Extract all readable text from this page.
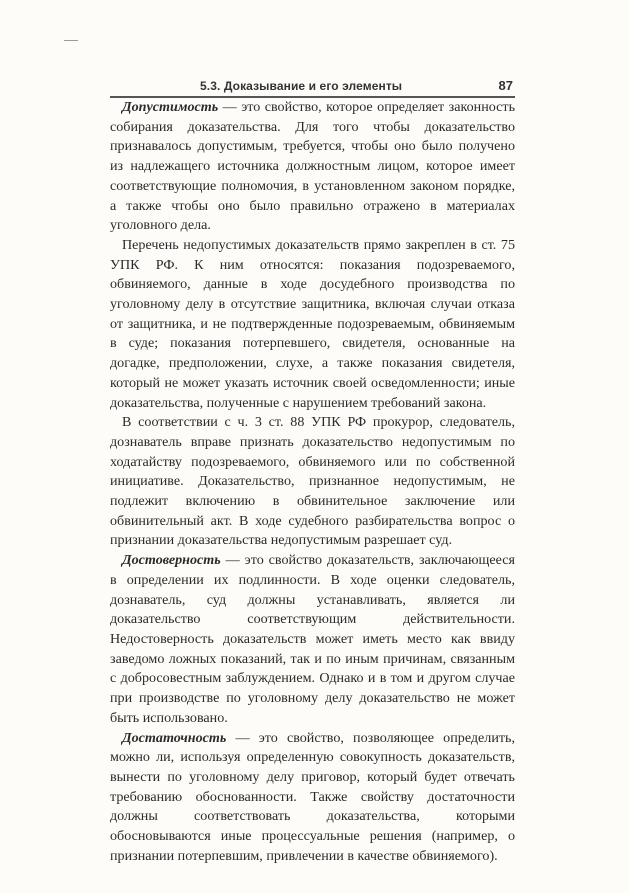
5.3. Доказывание и его элементы	87

Допустимость — это свойство, которое определяет законность собирания доказательства. Для того чтобы доказательство признавалось допустимым, требуется, чтобы оно было получено из надлежащего источника должностным лицом, которое имеет соответствующие полномочия, в установленном законом порядке, а также чтобы оно было правильно отражено в материалах уголовного дела.

Перечень недопустимых доказательств прямо закреплен в ст. 75 УПК РФ. К ним относятся: показания подозреваемого, обвиняемого, данные в ходе досудебного производства по уголовному делу в отсутствие защитника, включая случаи отказа от защитника, и не подтвержденные подозреваемым, обвиняемым в суде; показания потерпевшего, свидетеля, основанные на догадке, предположении, слухе, а также показания свидетеля, который не может указать источник своей осведомленности; иные доказательства, полученные с нарушением требований закона.

В соответствии с ч. 3 ст. 88 УПК РФ прокурор, следователь, дознаватель вправе признать доказательство недопустимым по ходатайству подозреваемого, обвиняемого или по собственной инициативе. Доказательство, признанное недопустимым, не подлежит включению в обвинительное заключение или обвинительный акт. В ходе судебного разбирательства вопрос о признании доказательства недопустимым разрешает суд.

Достоверность — это свойство доказательств, заключающееся в определении их подлинности. В ходе оценки следователь, дознаватель, суд должны устанавливать, является ли доказательство соответствующим действительности. Недостоверность доказательств может иметь место как ввиду заведомо ложных показаний, так и по иным причинам, связанным с добросовестным заблуждением. Однако и в том и другом случае при производстве по уголовному делу доказательство не может быть использовано.

Достаточность — это свойство, позволяющее определить, можно ли, используя определенную совокупность доказательств, вынести по уголовному делу приговор, который будет отвечать требованию обоснованности. Также свойству достаточности должны соответствовать доказательства, которыми обосновываются иные процессуальные решения (например, о признании потерпевшим, привлечении в качестве обвиняемого).
